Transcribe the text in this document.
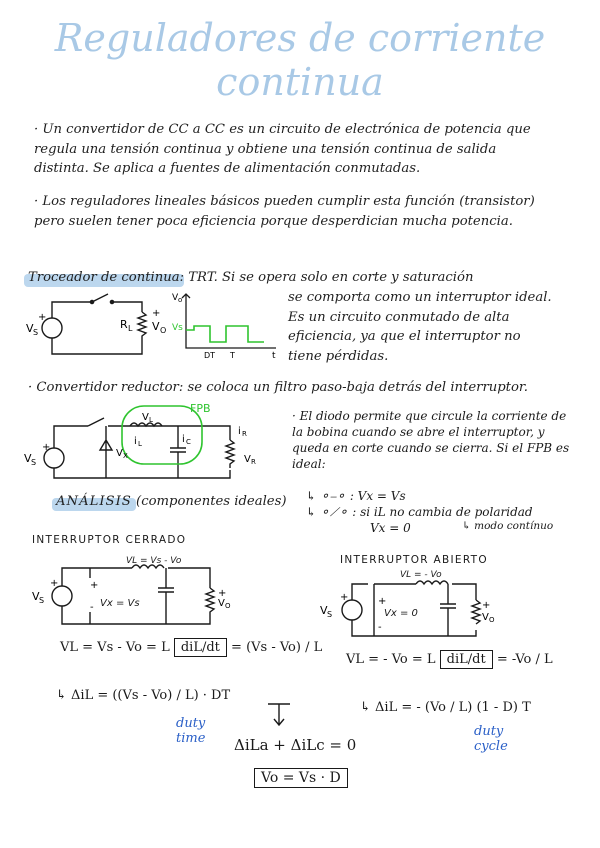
Reguladores de corriente
continua
· Un convertidor de CC a CC es un circuito de electrónica de potencia que regula una tensión continua y obtiene una tensión continua de salida distinta. Se aplica a fuentes de alimentación conmutadas.
· Los reguladores lineales básicos pueden cumplir esta función (transistor) pero suelen tener poca eficiencia porque desperdician mucha potencia.
Troceador de continua: TRT. Si se opera solo en corte y saturación
se comporta como un interruptor ideal. Es un circuito conmutado de alta eficiencia, ya que el interruptor no tiene pérdidas.
V S
+
R L V O
+
V o
Vs
DT T	t
· Convertidor reductor: se coloca un filtro paso-baja detrás del interruptor.
FPB
V S
+
V X
V L
i L	i C
i R
V R
· El diodo permite que circule la corriente de la bobina cuando se abre el interruptor, y queda en corte cuando se cierra. Si el FPB es ideal:
↳ ⚬⎯⚬ : Vx = Vs
↳ ⚬⟋⚬ : si iL no cambia de polaridad
Vx = 0	↳ modo contínuo
ANÁLISIS (componentes ideales)
INTERRUPTOR CERRADO
V S
+	+
-
+
V O
VL = Vs - Vo
Vx = Vs
VL = Vs - Vo = L diL/dt = (Vs - Vo) / L
↳ ΔiL = ((Vs - Vo) / L) · DT
duty time
INTERRUPTOR ABIERTO
V S
+	+
-
+
V O
VL = - Vo
Vx = 0
VL = - Vo = L diL/dt = -Vo / L
↳ ΔiL = - (Vo / L) (1 - D) T
duty cycle
ΔiLa + ΔiLc = 0
Vo = Vs · D
